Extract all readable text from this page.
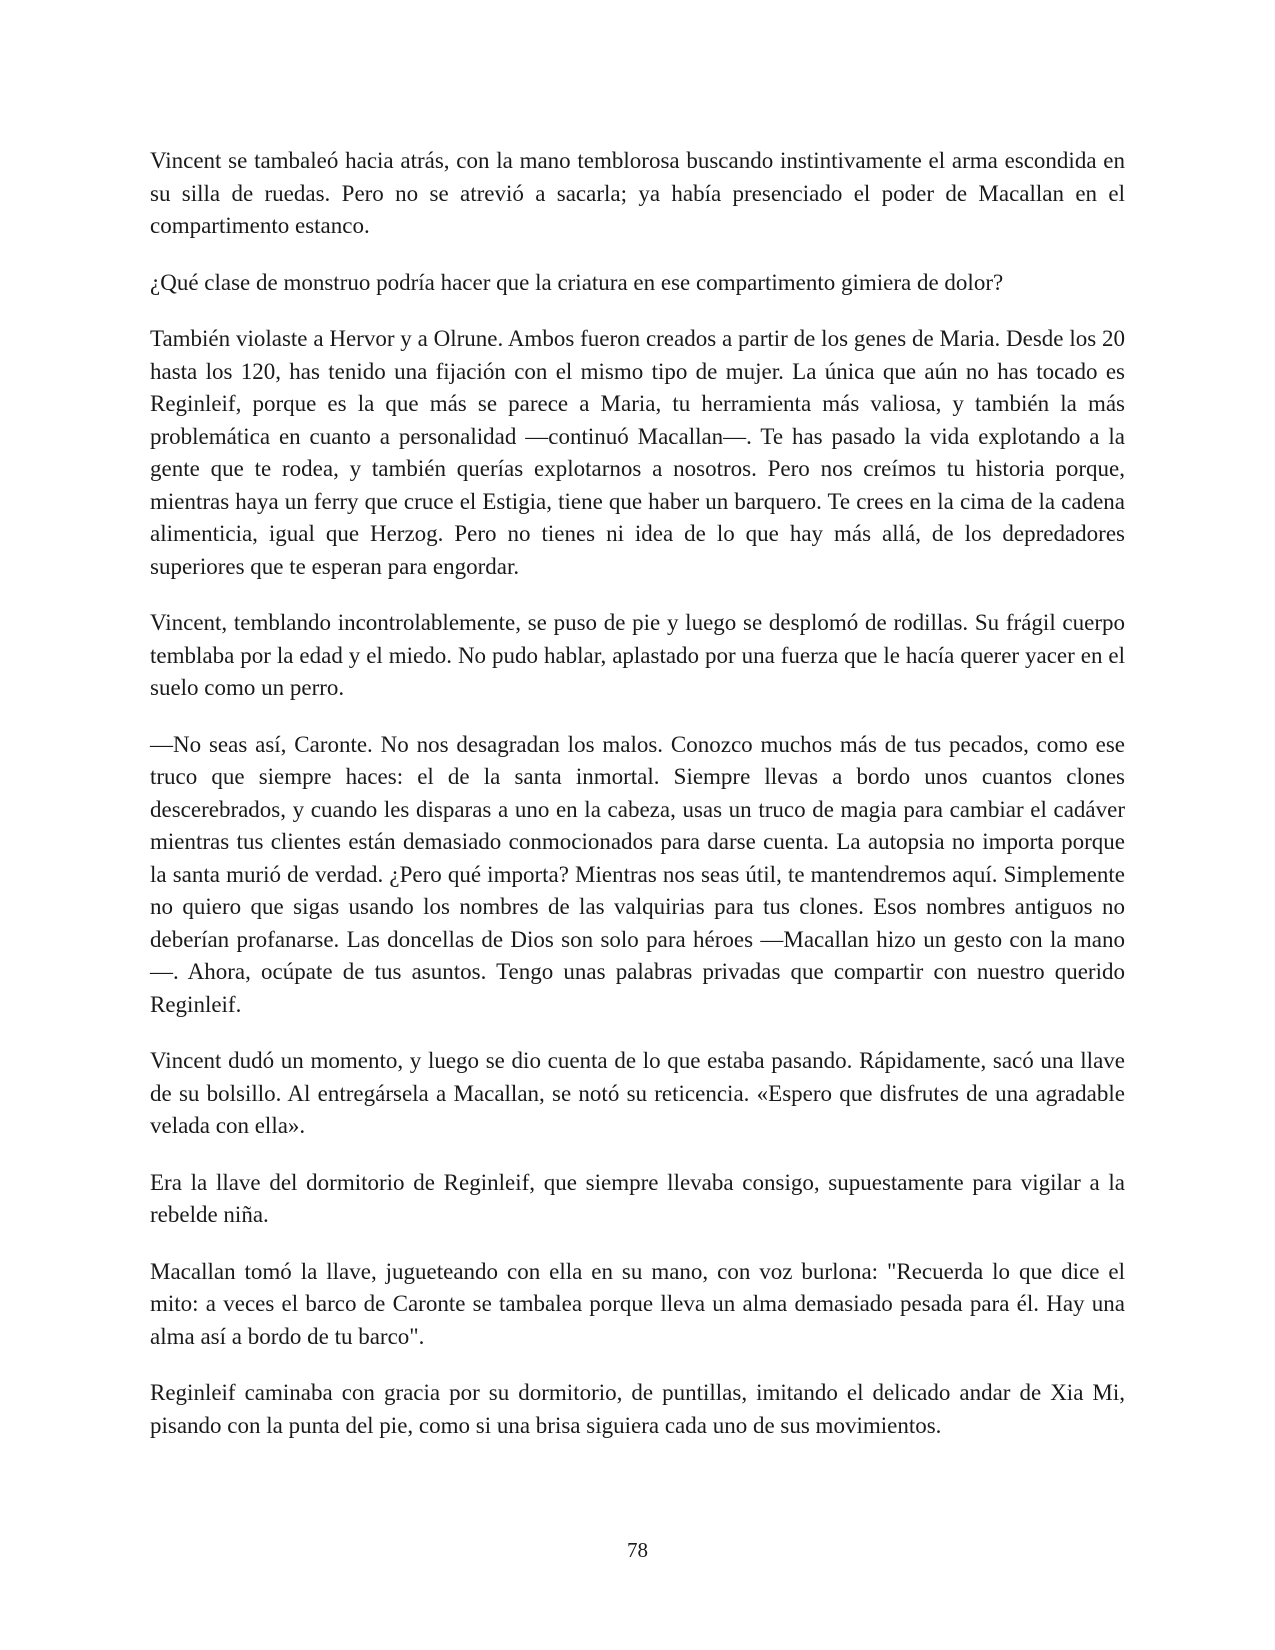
Vincent se tambaleó hacia atrás, con la mano temblorosa buscando instintivamente el arma escondida en su silla de ruedas. Pero no se atrevió a sacarla; ya había presenciado el poder de Macallan en el compartimento estanco.

¿Qué clase de monstruo podría hacer que la criatura en ese compartimento gimiera de dolor?

También violaste a Hervor y a Olrune. Ambos fueron creados a partir de los genes de Maria. Desde los 20 hasta los 120, has tenido una fijación con el mismo tipo de mujer. La única que aún no has tocado es Reginleif, porque es la que más se parece a Maria, tu herramienta más valiosa, y también la más problemática en cuanto a personalidad —continuó Macallan—. Te has pasado la vida explotando a la gente que te rodea, y también querías explotarnos a nosotros. Pero nos creímos tu historia porque, mientras haya un ferry que cruce el Estigia, tiene que haber un barquero. Te crees en la cima de la cadena alimenticia, igual que Herzog. Pero no tienes ni idea de lo que hay más allá, de los depredadores superiores que te esperan para engordar.

Vincent, temblando incontrolablemente, se puso de pie y luego se desplomó de rodillas. Su frágil cuerpo temblaba por la edad y el miedo. No pudo hablar, aplastado por una fuerza que le hacía querer yacer en el suelo como un perro.

—No seas así, Caronte. No nos desagradan los malos. Conozco muchos más de tus pecados, como ese truco que siempre haces: el de la santa inmortal. Siempre llevas a bordo unos cuantos clones descerebrados, y cuando les disparas a uno en la cabeza, usas un truco de magia para cambiar el cadáver mientras tus clientes están demasiado conmocionados para darse cuenta. La autopsia no importa porque la santa murió de verdad. ¿Pero qué importa? Mientras nos seas útil, te mantendremos aquí. Simplemente no quiero que sigas usando los nombres de las valquirias para tus clones. Esos nombres antiguos no deberían profanarse. Las doncellas de Dios son solo para héroes —Macallan hizo un gesto con la mano—. Ahora, ocúpate de tus asuntos. Tengo unas palabras privadas que compartir con nuestro querido Reginleif.

Vincent dudó un momento, y luego se dio cuenta de lo que estaba pasando. Rápidamente, sacó una llave de su bolsillo. Al entregársela a Macallan, se notó su reticencia. «Espero que disfrutes de una agradable velada con ella».

Era la llave del dormitorio de Reginleif, que siempre llevaba consigo, supuestamente para vigilar a la rebelde niña.

Macallan tomó la llave, jugueteando con ella en su mano, con voz burlona: "Recuerda lo que dice el mito: a veces el barco de Caronte se tambalea porque lleva un alma demasiado pesada para él. Hay una alma así a bordo de tu barco".

Reginleif caminaba con gracia por su dormitorio, de puntillas, imitando el delicado andar de Xia Mi, pisando con la punta del pie, como si una brisa siguiera cada uno de sus movimientos.

78
